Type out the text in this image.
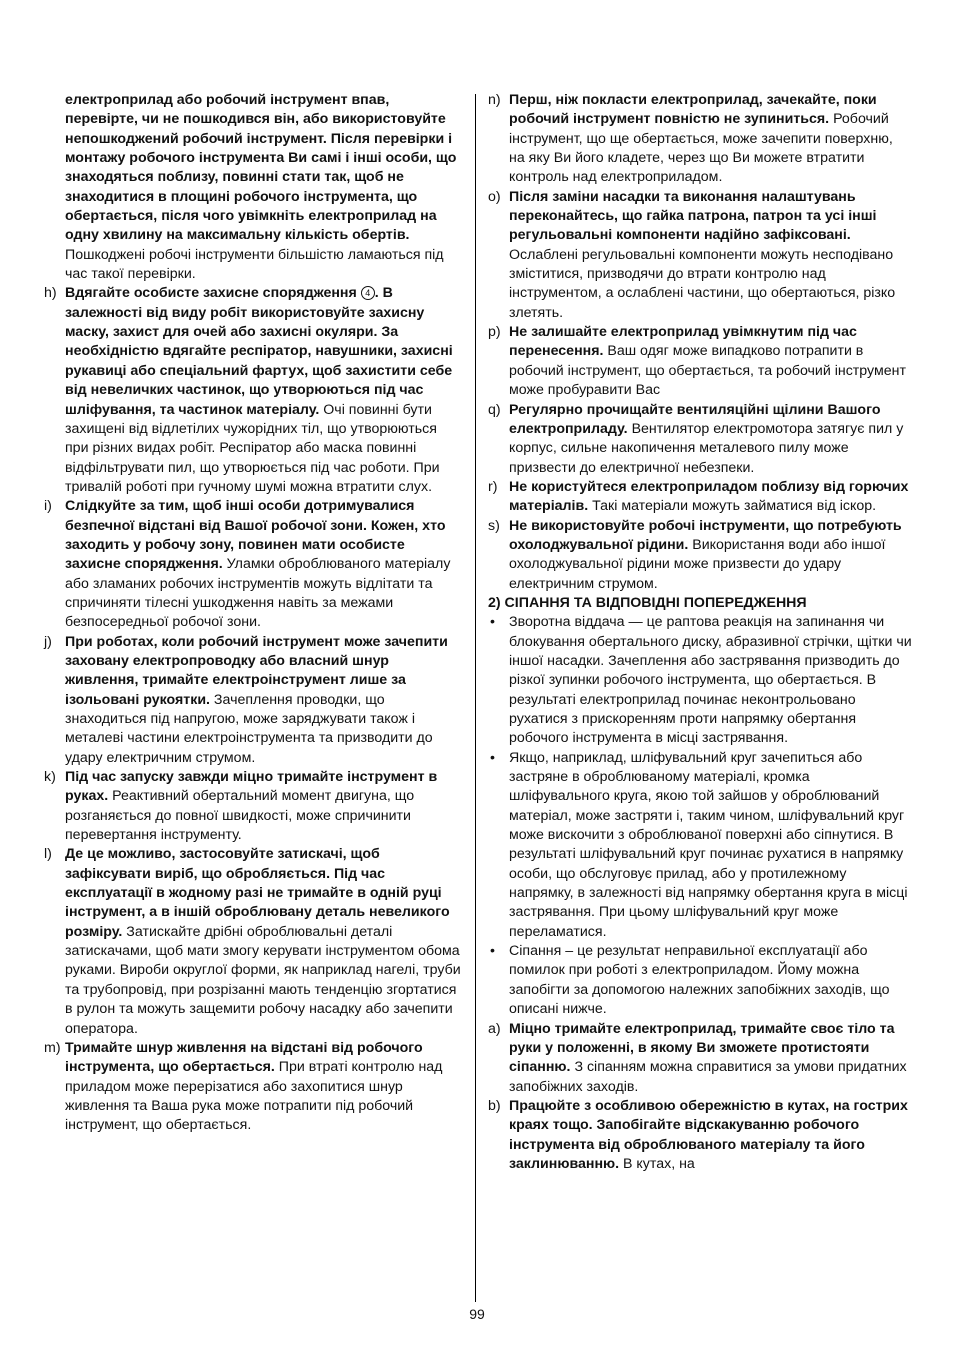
електроприлад або робочий інструмент впав, перевірте, чи не пошкодився він, або використовуйте непошкоджений робочий інструмент. Після перевірки і монтажу робочого інструмента Ви самі і інші особи, що знаходяться поблизу, повинні стати так, щоб не знаходитися в площині робочого інструмента, що обертається, після чого увімкніть електроприлад на одну хвилину на максимальну кількість обертів. Пошкоджені робочі інструменти більшістю ламаються під час такої перевірки.
h) Вдягайте особисте захисне спорядження 4 . В залежності від виду робіт використовуйте захисну маску, захист для очей або захисні окуляри. За необхідністю вдягайте респіратор, навушники, захисні рукавиці або спеціальний фартух, щоб захистити себе від невеличких частинок, що утворюються під час шліфування, та частинок матеріалу. Очі повинні бути захищені від відлетілих чужорідних тіл, що утворюються при різних видах робіт. Респіратор або маска повинні відфільтрувати пил, що утворюється під час роботи. При тривалій роботі при гучному шумі можна втратити слух.
i) Слідкуйте за тим, щоб інші особи дотримувалися безпечної відстані від Вашої робочої зони. Кожен, хто заходить у робочу зону, повинен мати особисте захисне спорядження. Уламки оброблюваного матеріалу або зламаних робочих інструментів можуть відлітати та спричиняти тілесні ушкодження навіть за межами безпосередньої робочої зони.
j) При роботах, коли робочий інструмент може зачепити заховану електропроводку або власний шнур живлення, тримайте електроінструмент лише за ізольовані рукоятки. Зачеплення проводки, що знаходиться під напругою, може заряджувати також і металеві частини електроінструмента та призводити до удару електричним струмом.
k) Під час запуску завжди міцно тримайте інструмент в руках. Реактивний обертальний момент двигуна, що розганяється до повної швидкості, може спричинити перевертання інструменту.
l) Де це можливо, застосовуйте затискачі, щоб зафіксувати виріб, що обробляється. Під час експлуатації в жодному разі не тримайте в одній руці інструмент, а в іншій оброблювану деталь невеликого розміру. Затискайте дрібні оброблювальні деталі затискачами, щоб мати змогу керувати інструментом обома руками. Вироби округлої форми, як наприклад нагелі, труби та трубопровід, при розрізанні мають тенденцію згортатися в рулон та можуть защемити робочу насадку або зачепити оператора.
m) Тримайте шнур живлення на відстані від робочого інструмента, що обертається. При втраті контролю над приладом може перерізатися або захопитися шнур живлення та Ваша рука може потрапити під робочий інструмент, що обертається.
n) Перш, ніж покласти електроприлад, зачекайте, поки робочий інструмент повністю не зупиниться. Робочий інструмент, що ще обертається, може зачепити поверхню, на яку Ви його кладете, через що Ви можете втратити контроль над електроприладом.
o) Після заміни насадки та виконання налаштувань переконайтесь, що гайка патрона, патрон та усі інші регульовальні компоненти надійно зафіксовані. Ослаблені регульовальні компоненти можуть несподівано зміститися, призводячи до втрати контролю над інструментом, а ослаблені частини, що обертаються, різко злетять.
p) Не залишайте електроприлад увімкнутим під час перенесення. Ваш одяг може випадково потрапити в робочий інструмент, що обертається, та робочий інструмент може пробуравити Вас
q) Регулярно прочищайте вентиляційні щілини Вашого електроприладу. Вентилятор електромотора затягує пил у корпус, сильне накопичення металевого пилу може призвести до електричної небезпеки.
r) Не користуйтеся електроприладом поблизу від горючих матеріалів. Такі матеріали можуть займатися від іскор.
s) Не використовуйте робочі інструменти, що потребують охолоджувальної рідини. Використання води або іншої охолоджувальної рідини може призвести до удару електричним струмом.
2) СІПАННЯ ТА ВІДПОВІДНІ ПОПЕРЕДЖЕННЯ
• Зворотна віддача — це раптова реакція на запинання чи блокування обертального диску, абразивної стрічки, щітки чи іншої насадки. Зачеплення або застрявання призводить до різкої зупинки робочого інструмента, що обертається. В результаті електроприлад починає неконтрольовано рухатися з прискоренням проти напрямку обертання робочого інструмента в місці застрявання.
• Якщо, наприклад, шліфувальний круг зачепиться або застряне в оброблюваному матеріалі, кромка шліфувального круга, якою той зайшов у оброблюваний матеріал, може застряти і, таким чином, шліфувальний круг може вискочити з оброблюваної поверхні або сіпнутися. В результаті шліфувальний круг починає рухатися в напрямку особи, що обслуговує прилад, або у протилежному напрямку, в залежності від напрямку обертання круга в місці застрявання. При цьому шліфувальний круг може переламатися.
• Сіпання – це результат неправильної експлуатації або помилок при роботі з електроприладом. Йому можна запобігти за допомогою належних запобіжних заходів, що описані нижче.
a) Міцно тримайте електроприлад, тримайте своє тіло та руки у положенні, в якому Ви зможете протистояти сіпанню. З сіпанням можна справитися за умови придатних запобіжних заходів.
b) Працюйте з особливою обережністю в кутах, на гострих краях тощо. Запобігайте відскакуванню робочого інструмента від оброблюваного матеріалу та його заклинюванню. В кутах, на
99
